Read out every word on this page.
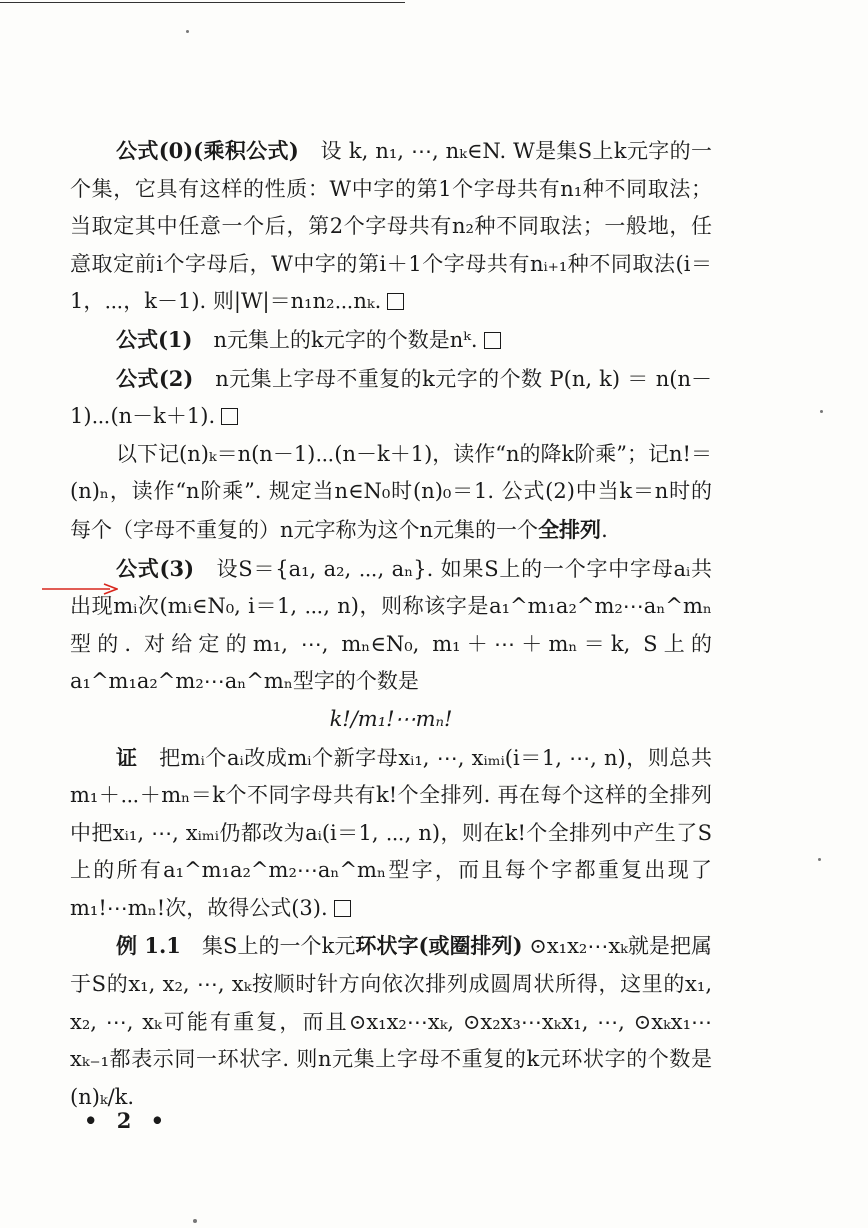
公式(0)(乘积公式)　设 k, n₁, ⋯, nₖ∈N. W是集S上k元字的一个集，它具有这样的性质：W中字的第1个字母共有n₁种不同取法；当取定其中任意一个后，第2个字母共有n₂种不同取法；一般地，任意取定前i个字母后，W中字的第i＋1个字母共有nᵢ₊₁种不同取法(i＝1，⋯，k－1). 则|W|＝n₁n₂⋯nₖ.

公式(1)　n元集上的k元字的个数是nᵏ.

公式(2)　n元集上字母不重复的k元字的个数 P(n, k) ＝ n(n－1)⋯(n－k＋1).

以下记(n)ₖ＝n(n－1)⋯(n－k＋1)，读作“n的降k阶乘”；记n!＝(n)ₙ，读作“n阶乘”. 规定当n∈N₀时(n)₀＝1. 公式(2)中当k＝n时的每个（字母不重复的）n元字称为这个n元集的一个全排列.

公式(3)　设S＝{a₁, a₂, ⋯, aₙ}. 如果S上的一个字中字母aᵢ共出现mᵢ次(mᵢ∈N₀, i＝1, ⋯, n)，则称该字是a₁^m₁a₂^m₂⋯aₙ^mₙ型的. 对给定的m₁, ⋯, mₙ∈N₀, m₁＋⋯＋mₙ＝k, S上的a₁^m₁a₂^m₂⋯aₙ^mₙ型字的个数是

k!/m₁!⋯mₙ!

证　把mᵢ个aᵢ改成mᵢ个新字母xᵢ₁, ⋯, xᵢₘᵢ(i＝1, ⋯, n)，则总共m₁＋⋯＋mₙ＝k个不同字母共有k!个全排列. 再在每个这样的全排列中把xᵢ₁, ⋯, xᵢₘᵢ仍都改为aᵢ(i＝1, ⋯, n)，则在k!个全排列中产生了S上的所有a₁^m₁a₂^m₂⋯aₙ^mₙ型字，而且每个字都重复出现了m₁!⋯mₙ!次，故得公式(3).

例 1.1　集S上的一个k元环状字(或圈排列) ⊙x₁x₂⋯xₖ就是把属于S的x₁, x₂, ⋯, xₖ按顺时针方向依次排列成圆周状所得，这里的x₁, x₂, ⋯, xₖ可能有重复，而且⊙x₁x₂⋯xₖ, ⊙x₂x₃⋯xₖx₁, ⋯, ⊙xₖx₁⋯xₖ₋₁都表示同一环状字. 则n元集上字母不重复的k元环状字的个数是(n)ₖ/k.

• 2 •
